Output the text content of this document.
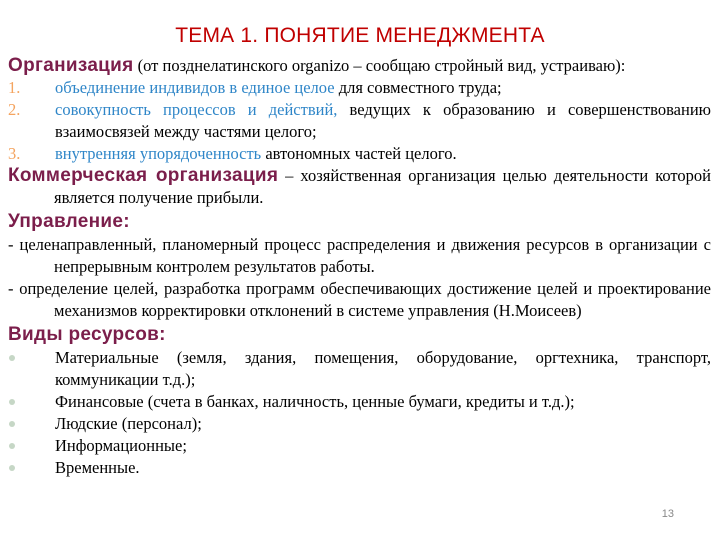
ТЕМА 1. ПОНЯТИЕ МЕНЕДЖМЕНТА

Организация (от позднелатинского organizo – сообщаю стройный вид, устраиваю):

1. объединение индивидов в единое целое для совместного труда;
2. совокупность процессов и действий, ведущих к образованию и совершенствованию взаимосвязей между частями целого;
3. внутренняя упорядоченность автономных частей целого.

Коммерческая организация – хозяйственная организация целью деятельности которой является получение прибыли.

Управление:

- целенаправленный, планомерный процесс распределения и движения ресурсов в организации с непрерывным контролем результатов работы.

- определение целей, разработка программ обеспечивающих достижение целей и проектирование механизмов корректировки отклонений в системе управления (Н.Моисеев)

Виды ресурсов:
Материальные (земля, здания, помещения, оборудование, оргтехника, транспорт, коммуникации т.д.);
Финансовые (счета в банках, наличность, ценные бумаги, кредиты и т.д.);
Людские (персонал);
Информационные;
Временные.
13
